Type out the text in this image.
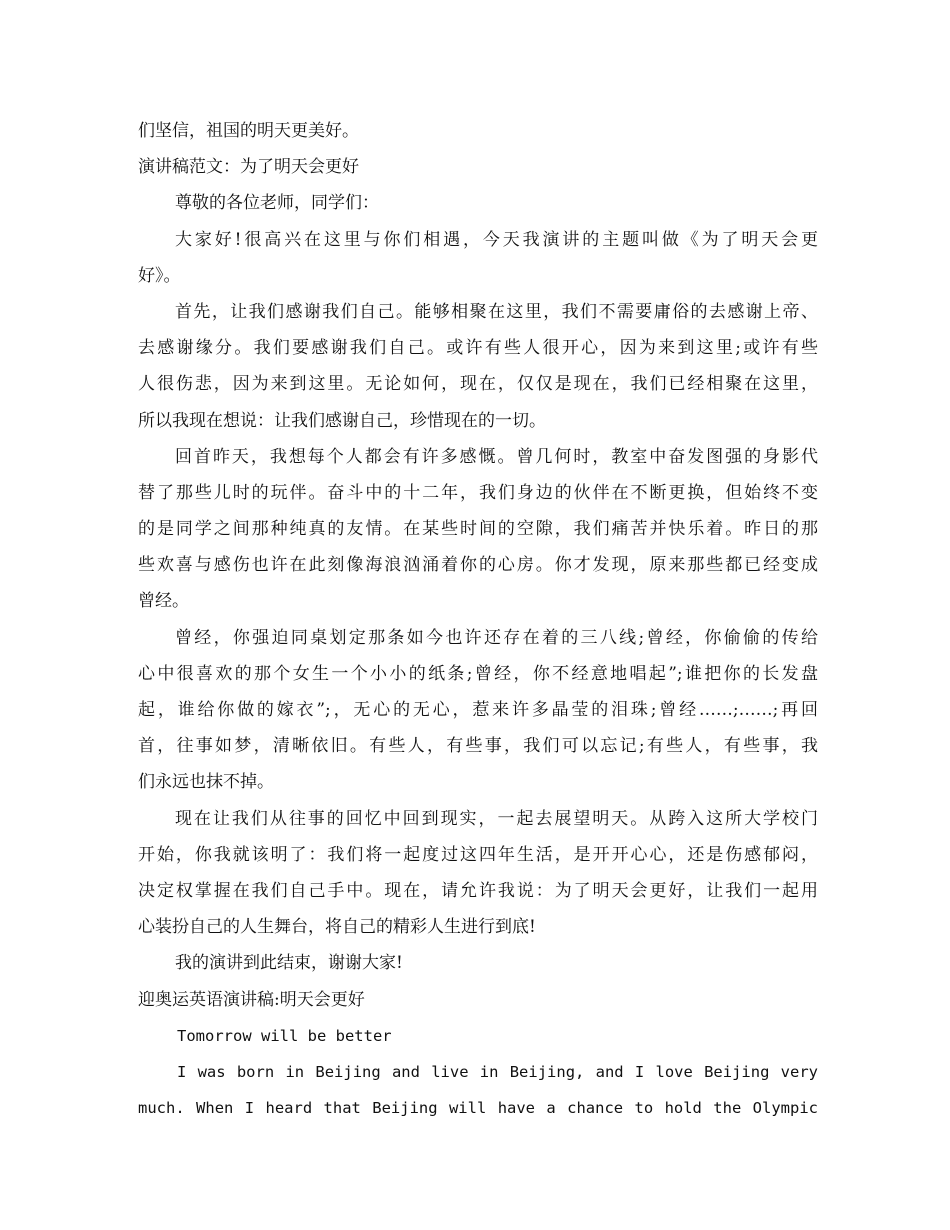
们坚信，祖国的明天更美好。
演讲稿范文：为了明天会更好
尊敬的各位老师，同学们：
大家好!很高兴在这里与你们相遇，今天我演讲的主题叫做《为了明天会更
好》。
首先，让我们感谢我们自己。能够相聚在这里，我们不需要庸俗的去感谢上帝、
去感谢缘分。我们要感谢我们自己。或许有些人很开心，因为来到这里;或许有些
人很伤悲，因为来到这里。无论如何，现在，仅仅是现在，我们已经相聚在这里，
所以我现在想说：让我们感谢自己，珍惜现在的一切。
回首昨天，我想每个人都会有许多感慨。曾几何时，教室中奋发图强的身影代
替了那些儿时的玩伴。奋斗中的十二年，我们身边的伙伴在不断更换，但始终不变
的是同学之间那种纯真的友情。在某些时间的空隙，我们痛苦并快乐着。昨日的那
些欢喜与感伤也许在此刻像海浪汹涌着你的心房。你才发现，原来那些都已经变成
曾经。
曾经，你强迫同桌划定那条如今也许还存在着的三八线;曾经，你偷偷的传给
心中很喜欢的那个女生一个小小的纸条;曾经，你不经意地唱起”;谁把你的长发盘
起，谁给你做的嫁衣”;，无心的无心，惹来许多晶莹的泪珠;曾经……;……;再回
首，往事如梦，清晰依旧。有些人，有些事，我们可以忘记;有些人，有些事，我
们永远也抹不掉。
现在让我们从往事的回忆中回到现实，一起去展望明天。从跨入这所大学校门
开始，你我就该明了：我们将一起度过这四年生活，是开开心心，还是伤感郁闷，
决定权掌握在我们自己手中。现在，请允许我说：为了明天会更好，让我们一起用
心装扮自己的人生舞台，将自己的精彩人生进行到底!
我的演讲到此结束，谢谢大家!
迎奥运英语演讲稿:明天会更好
Tomorrow will be better
I was born in Beijing and live in Beijing, and I love Beijing very
much. When I heard that Beijing will have a chance to hold the Olympic
